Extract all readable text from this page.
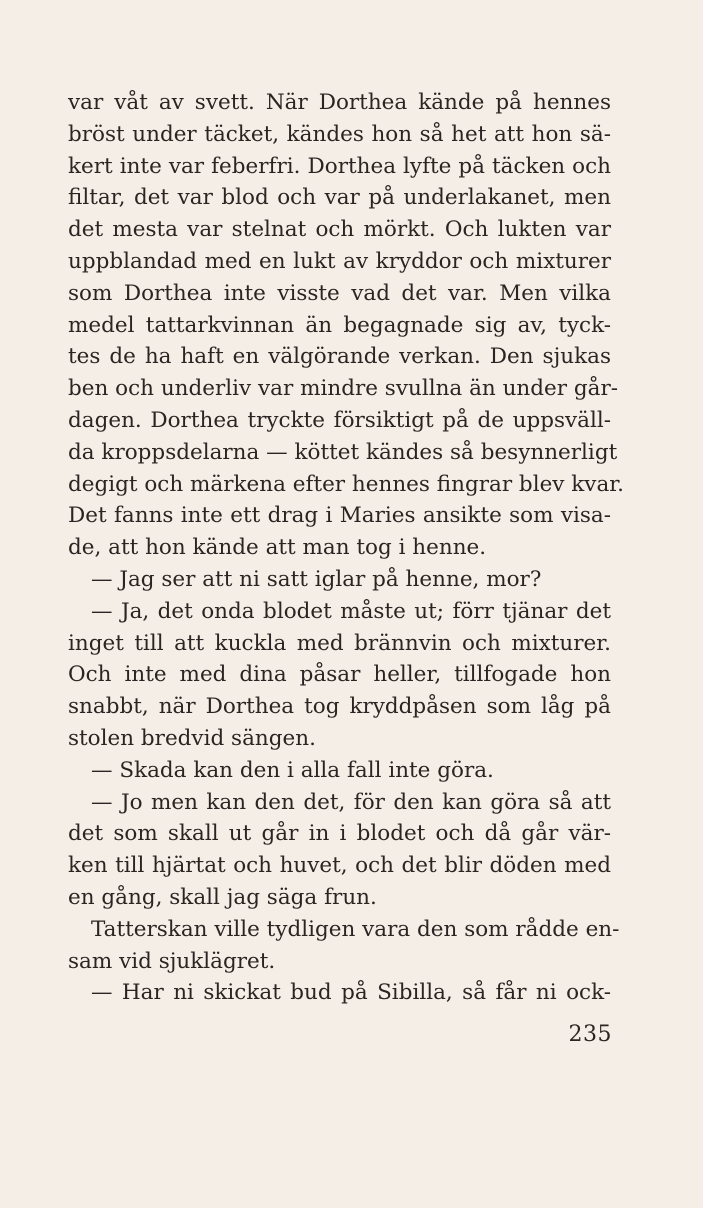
var våt av svett. När Dorthea kände på hennes
bröst under täcket, kändes hon så het att hon sä-
kert inte var feberfri. Dorthea lyfte på täcken och
filtar, det var blod och var på underlakanet, men
det mesta var stelnat och mörkt. Och lukten var
uppblandad med en lukt av kryddor och mixturer
som Dorthea inte visste vad det var. Men vilka
medel tattarkvinnan än begagnade sig av, tyck-
tes de ha haft en välgörande verkan. Den sjukas
ben och underliv var mindre svullna än under går-
dagen. Dorthea tryckte försiktigt på de uppsväll-
da kroppsdelarna — köttet kändes så besynnerligt
degigt och märkena efter hennes fingrar blev kvar.
Det fanns inte ett drag i Maries ansikte som visa-
de, att hon kände att man tog i henne.
— Jag ser att ni satt iglar på henne, mor?
— Ja, det onda blodet måste ut; förr tjänar det
inget till att kuckla med brännvin och mixturer.
Och inte med dina påsar heller, tillfogade hon
snabbt, när Dorthea tog kryddpåsen som låg på
stolen bredvid sängen.
— Skada kan den i alla fall inte göra.
— Jo men kan den det, för den kan göra så att
det som skall ut går in i blodet och då går vär-
ken till hjärtat och huvet, och det blir döden med
en gång, skall jag säga frun.
Tatterskan ville tydligen vara den som rådde en-
sam vid sjuklägret.
— Har ni skickat bud på Sibilla, så får ni ock-
235
